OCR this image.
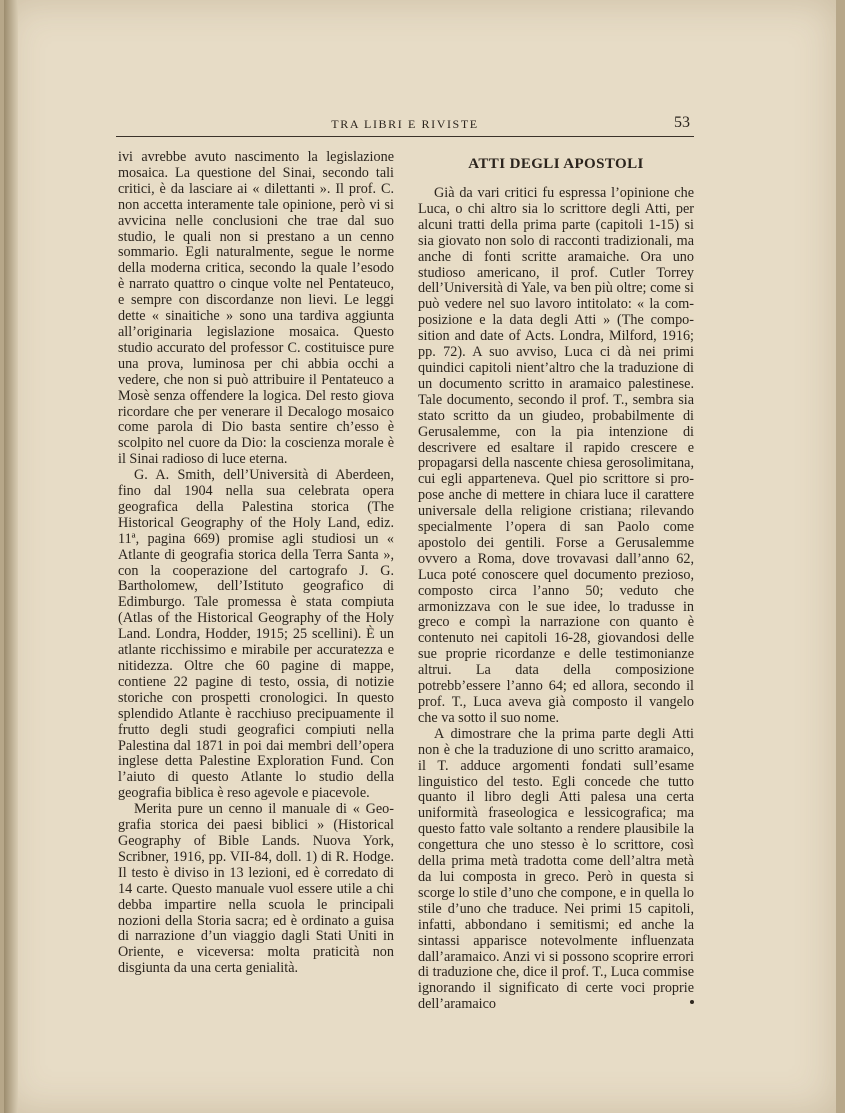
TRA LIBRI E RIVISTE	53

ivi avrebbe avuto nascimento la legislazione mosaica. La questione del Sinai, secondo tali critici, è da lasciare ai « dilettanti ». Il prof. C. non accetta interamente tale opinione, però vi si avvicina nelle conclusioni che trae dal suo studio, le quali non si prestano a un cenno sommario. Egli naturalmente, segue le norme della moderna critica, secondo la quale l’esodo è narrato quattro o cinque volte nel Pentateuco, e sempre con discordanze non lievi. Le leggi dette « sinaitiche » sono una tardiva aggiunta all’originaria legislazione mosaica. Questo studio accurato del professor C. costituisce pure una prova, luminosa per chi abbia occhi a vedere, che non si può attribuire il Pentateuco a Mosè senza offendere la logica. Del resto giova ricordare che per venerare il Decalogo mosaico come parola di Dio basta sentire ch’esso è scolpito nel cuore da Dio: la coscienza morale è il Sinai radioso di luce eterna.

G. A. Smith, dell’Università di Aberdeen, fino dal 1904 nella sua celebrata opera geografica della Palestina storica (The Historical Geography of the Holy Land, ediz. 11ª, pagina 669) promise agli studiosi un « Atlante di geografia storica della Terra Santa », con la cooperazione del cartografo J. G. Bartholomew, dell’Istituto geografico di Edimburgo. Tale promessa è stata compiuta (Atlas of the Historical Geography of the Holy Land. Londra, Hodder, 1915; 25 scellini). È un atlante ricchissimo e mirabile per accuratezza e nitidezza. Oltre che 60 pagine di mappe, contiene 22 pagine di testo, ossia, di notizie storiche con prospetti cronologici. In questo splendido Atlante è racchiuso precipuamente il frutto degli studi geografici compiuti nella Palestina dal 1871 in poi dai membri dell’opera inglese detta Palestine Exploration Fund. Con l’aiuto di questo Atlante lo studio della geografia biblica è reso agevole e piacevole.

Merita pure un cenno il manuale di « Geografia storica dei paesi biblici » (Historical Geography of Bible Lands. Nuova York, Scribner, 1916, pp. VII-84, doll. 1) di R. Hodge. Il testo è diviso in 13 lezioni, ed è corredato di 14 carte. Questo manuale vuol essere utile a chi debba impartire nella scuola le principali nozioni della Storia sacra; ed è ordinato a guisa di narrazione d’un viaggio dagli Stati Uniti in Oriente, e viceversa: molta praticità non disgiunta da una certa genialità.

ATTI DEGLI APOSTOLI

Già da vari critici fu espressa l’opinione che Luca, o chi altro sia lo scrittore degli Atti, per alcuni tratti della prima parte (capitoli 1-15) si sia giovato non solo di racconti tradizionali, ma anche di fonti scritte aramaiche. Ora uno studioso americano, il prof. Cutler Torrey dell’Università di Yale, va ben più oltre; come si può vedere nel suo lavoro intitolato: « la composizione e la data degli Atti » (The composition and date of Acts. Londra, Milford, 1916; pp. 72). A suo avviso, Luca ci dà nei primi quindici capitoli nient’altro che la traduzione di un documento scritto in aramaico palestinese. Tale documento, secondo il prof. T., sembra sia stato scritto da un giudeo, probabilmente di Gerusalemme, con la pia intenzione di descrivere ed esaltare il rapido crescere e propagarsi della nascente chiesa gerosolimitana, cui egli apparteneva. Quel pio scrittore si propose anche di mettere in chiara luce il carattere universale della religione cristiana; rilevando specialmente l’opera di san Paolo come apostolo dei gentili. Forse a Gerusalemme ovvero a Roma, dove trovavasi dall’anno 62, Luca poté conoscere quel documento prezioso, composto circa l’anno 50; veduto che armonizzava con le sue idee, lo tradusse in greco e compì la narrazione con quanto è contenuto nei capitoli 16-28, giovandosi delle sue proprie ricordanze e delle testimonianze altrui. La data della composizione potrebb’essere l’anno 64; ed allora, secondo il prof. T., Luca aveva già composto il vangelo che va sotto il suo nome.

A dimostrare che la prima parte degli Atti non è che la traduzione di uno scritto aramaico, il T. adduce argomenti fondati sull’esame linguistico del testo. Egli concede che tutto quanto il libro degli Atti palesa una certa uniformità fraseologica e lessicografica; ma questo fatto vale soltanto a rendere plausibile la congettura che uno stesso è lo scrittore, così della prima metà tradotta come dell’altra metà da lui composta in greco. Però in questa si scorge lo stile d’uno che compone, e in quella lo stile d’uno che traduce. Nei primi 15 capitoli, infatti, abbondano i semitismi; ed anche la sintassi apparisce notevolmente influenzata dall’aramaico. Anzi vi si possono scoprire errori di traduzione che, dice il prof. T., Luca commise ignorando il significato di certe voci proprie dell’aramaico
